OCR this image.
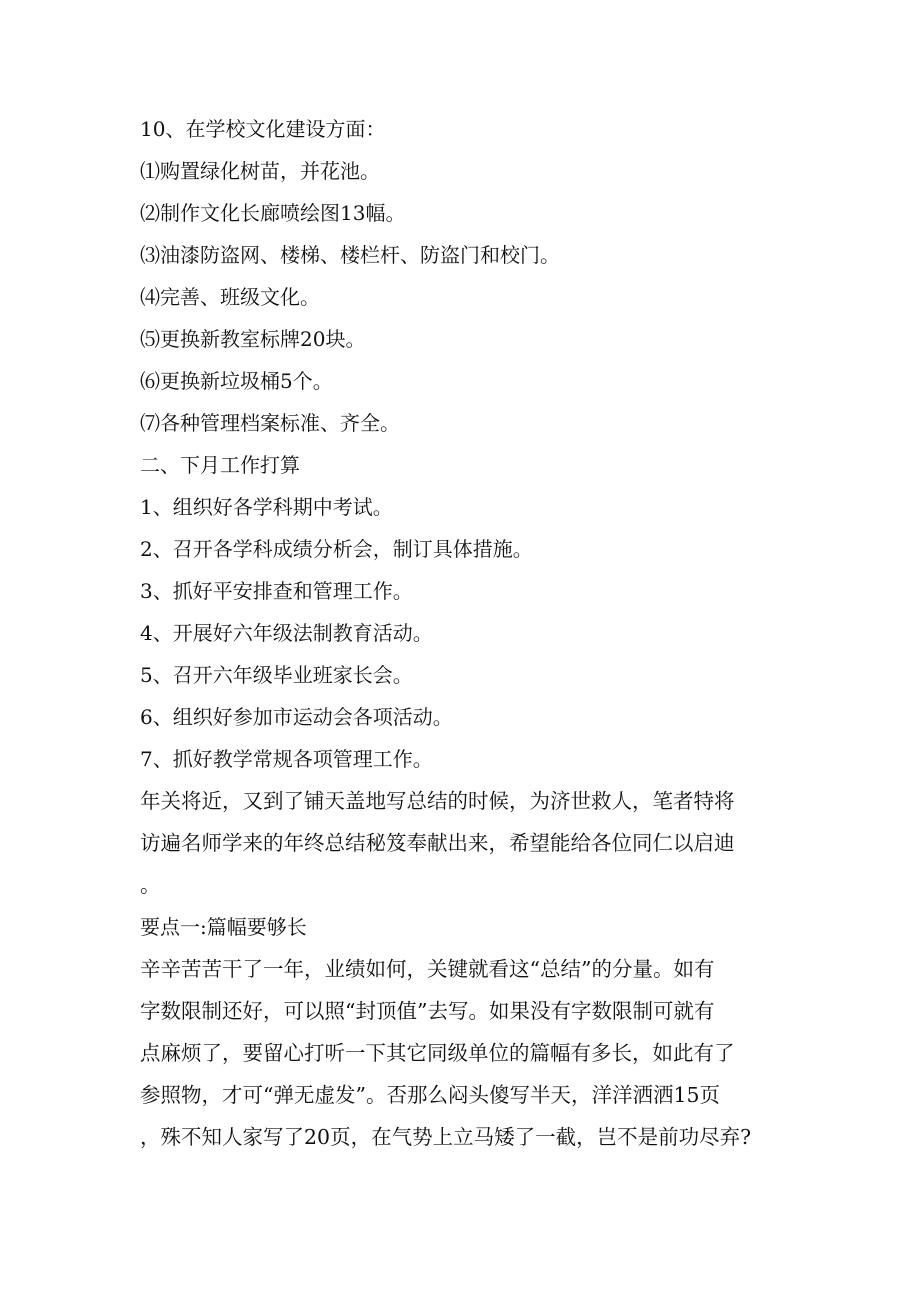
10、在学校文化建设方面：
⑴购置绿化树苗，并花池。
⑵制作文化长廊喷绘图13幅。
⑶油漆防盗网、楼梯、楼栏杆、防盗门和校门。
⑷完善、班级文化。
⑸更换新教室标牌20块。
⑹更换新垃圾桶5个。
⑺各种管理档案标准、齐全。
二、下月工作打算
1、组织好各学科期中考试。
2、召开各学科成绩分析会，制订具体措施。
3、抓好平安排查和管理工作。
4、开展好六年级法制教育活动。
5、召开六年级毕业班家长会。
6、组织好参加市运动会各项活动。
7、抓好教学常规各项管理工作。
年关将近，又到了铺天盖地写总结的时候，为济世救人，笔者特将
访遍名师学来的年终总结秘笈奉献出来，希望能给各位同仁以启迪
。
要点一:篇幅要够长
辛辛苦苦干了一年，业绩如何，关键就看这“总结”的分量。如有
字数限制还好，可以照“封顶值”去写。如果没有字数限制可就有
点麻烦了，要留心打听一下其它同级单位的篇幅有多长，如此有了
参照物，才可“弹无虚发”。否那么闷头傻写半天，洋洋洒洒15页
，殊不知人家写了20页，在气势上立马矮了一截，岂不是前功尽弃?
